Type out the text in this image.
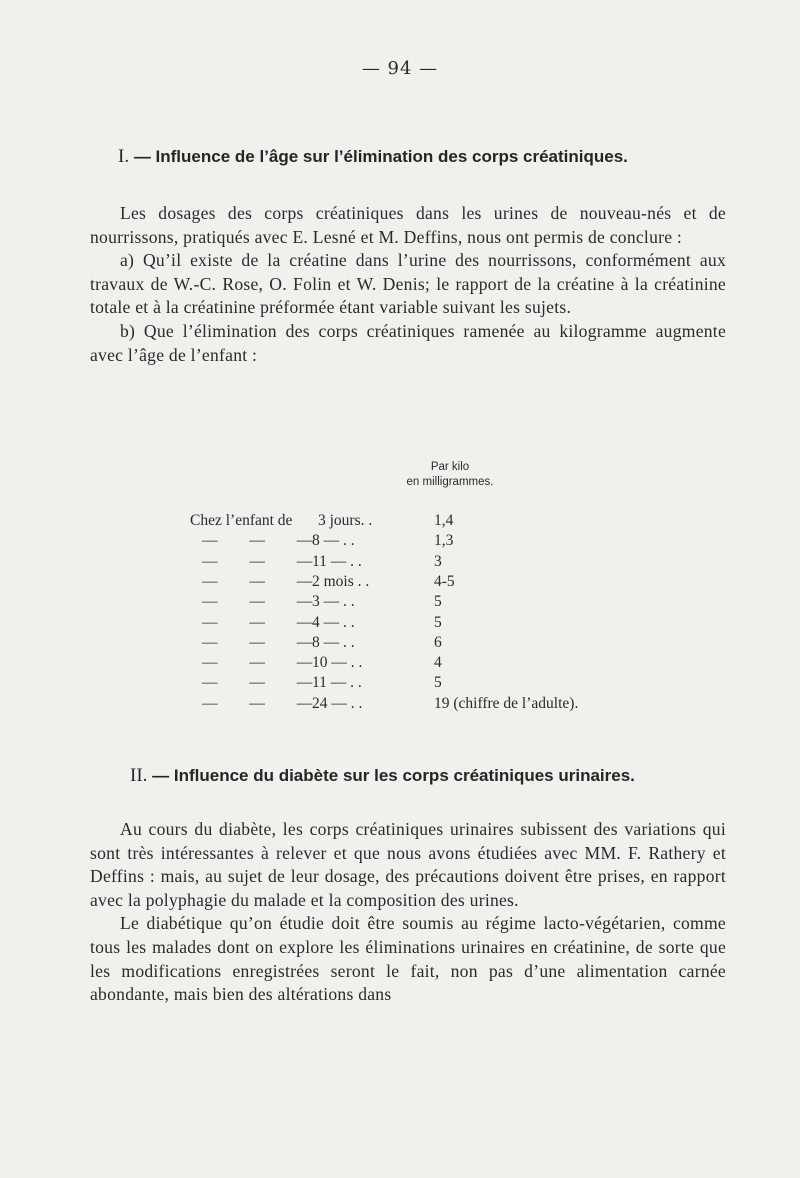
— 94 —
I. — Influence de l’âge sur l’élimination des corps créatiniques.

Les dosages des corps créatiniques dans les urines de nouveau-nés et de nourrissons, pratiqués avec E. Lesné et M. Deffins, nous ont permis de conclure :

a) Qu’il existe de la créatine dans l’urine des nourrissons, conformément aux travaux de W.-C. Rose, O. Folin et W. Denis; le rapport de la créatine à la créatinine totale et à la créatinine préformée étant variable suivant les sujets.

b) Que l’élimination des corps créatiniques ramenée au kilogramme augmente avec l’âge de l’enfant :

Par kilo
en milligrammes.
Chez l’enfant de	3 jours. .	1,4
— — — 8 — . .	1,3
— — — 11 — . .	3
— — — 2 mois . .	4-5
— — — 3 — . .	5
— — — 4 — . .	5
— — — 8 — . .	6
— — — 10 — . .	4
— — — 11 — . .	5
— — — 24 — . .	19 (chiffre de l’adulte).
II. — Influence du diabète sur les corps créatiniques urinaires.

Au cours du diabète, les corps créatiniques urinaires subissent des variations qui sont très intéressantes à relever et que nous avons étudiées avec MM. F. Rathery et Deffins : mais, au sujet de leur dosage, des précautions doivent être prises, en rapport avec la polyphagie du malade et la composition des urines.

Le diabétique qu’on étudie doit être soumis au régime lacto-végétarien, comme tous les malades dont on explore les éliminations urinaires en créatinine, de sorte que les modifications enregistrées seront le fait, non pas d’une alimentation carnée abondante, mais bien des altérations dans
